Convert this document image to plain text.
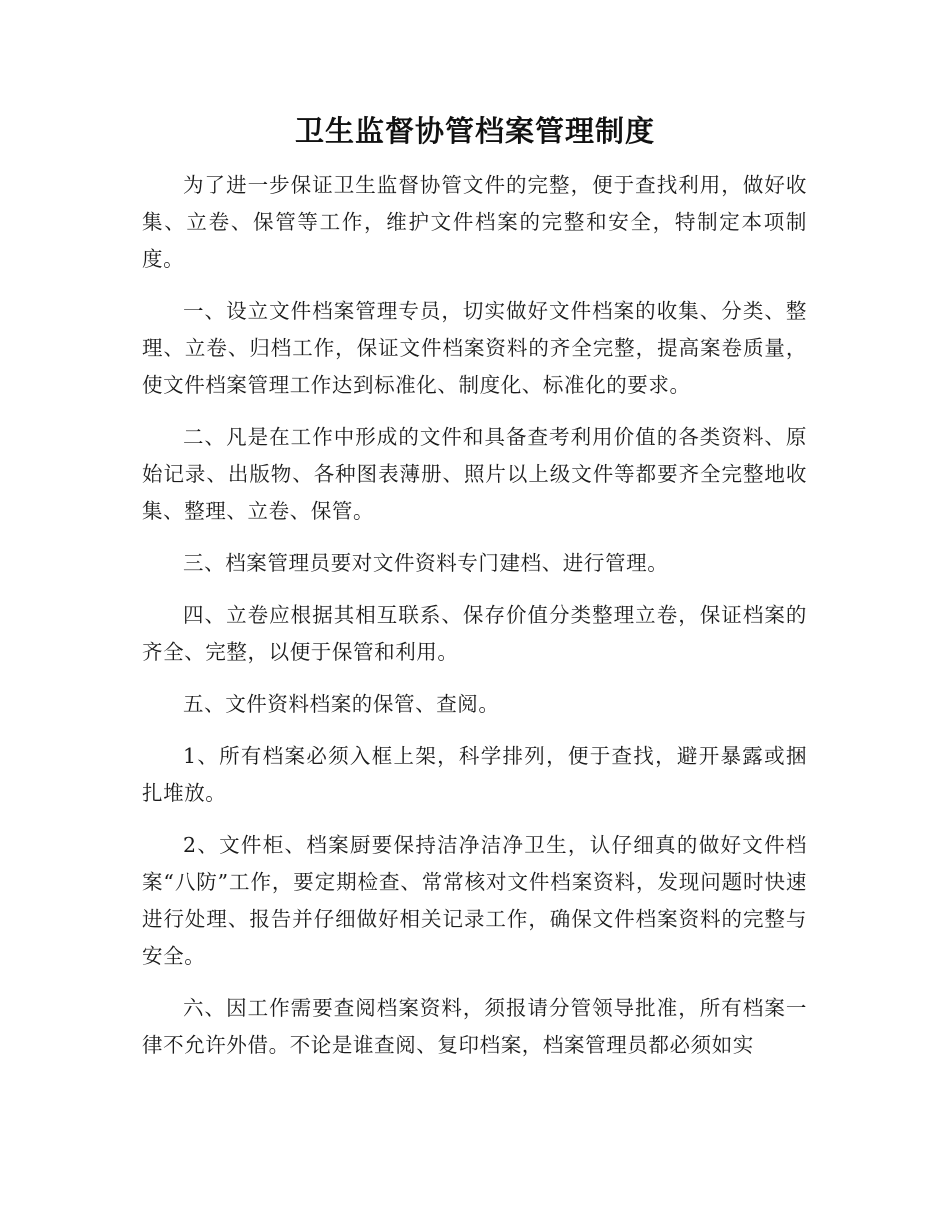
卫生监督协管档案管理制度

为了进一步保证卫生监督协管文件的完整，便于查找利用，做好收集、立卷、保管等工作，维护文件档案的完整和安全，特制定本项制度。

一、设立文件档案管理专员，切实做好文件档案的收集、分类、整理、立卷、归档工作，保证文件档案资料的齐全完整，提高案卷质量，使文件档案管理工作达到标准化、制度化、标准化的要求。

二、凡是在工作中形成的文件和具备查考利用价值的各类资料、原始记录、出版物、各种图表薄册、照片以上级文件等都要齐全完整地收集、整理、立卷、保管。

三、档案管理员要对文件资料专门建档、进行管理。

四、立卷应根据其相互联系、保存价值分类整理立卷，保证档案的齐全、完整，以便于保管和利用。

五、文件资料档案的保管、查阅。

1、所有档案必须入框上架，科学排列，便于查找，避开暴露或捆扎堆放。

2、文件柜、档案厨要保持洁净洁净卫生，认仔细真的做好文件档案“八防”工作，要定期检查、常常核对文件档案资料，发现问题时快速进行处理、报告并仔细做好相关记录工作，确保文件档案资料的完整与安全。

六、因工作需要查阅档案资料，须报请分管领导批准，所有档案一律不允许外借。不论是谁查阅、复印档案，档案管理员都必须如实
